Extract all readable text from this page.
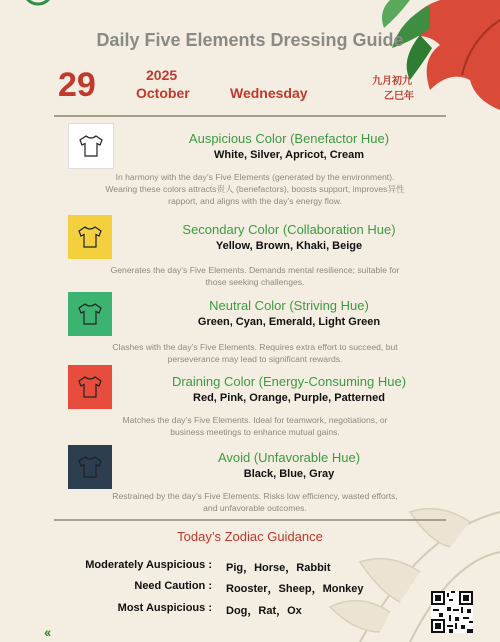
‹‹
Daily Five Elements Dressing Guide
29	2025
October	Wednesday
九月初九
乙巳年
Auspicious Color (Benefactor Hue)
White, Silver, Apricot, Cream
In harmony with the day’s Five Elements (generated by the environment).
Wearing these colors attracts贵人 (benefactors), boosts support, improves异性
rapport, and aligns with the day’s energy flow.
Secondary Color (Collaboration Hue)
Yellow, Brown, Khaki, Beige
Generates the day’s Five Elements. Demands mental resilience; suitable for
those seeking challenges.
Neutral Color (Striving Hue)
Green, Cyan, Emerald, Light Green
Clashes with the day’s Five Elements. Requires extra effort to succeed, but
perseverance may lead to significant rewards.
Draining Color (Energy-Consuming Hue)
Red, Pink, Orange, Purple, Patterned
Matches the day’s Five Elements. Ideal for teamwork, negotiations, or
business meetings to enhance mutual gains.
Avoid (Unfavorable Hue)
Black, Blue, Gray
Restrained by the day’s Five Elements. Risks low efficiency, wasted efforts,
and unfavorable outcomes.
Today’s Zodiac Guidance
Moderately Auspicious : Pig，Horse，Rabbit
Need Caution : Rooster，Sheep，Monkey
Most Auspicious : Dog，Rat，Ox
